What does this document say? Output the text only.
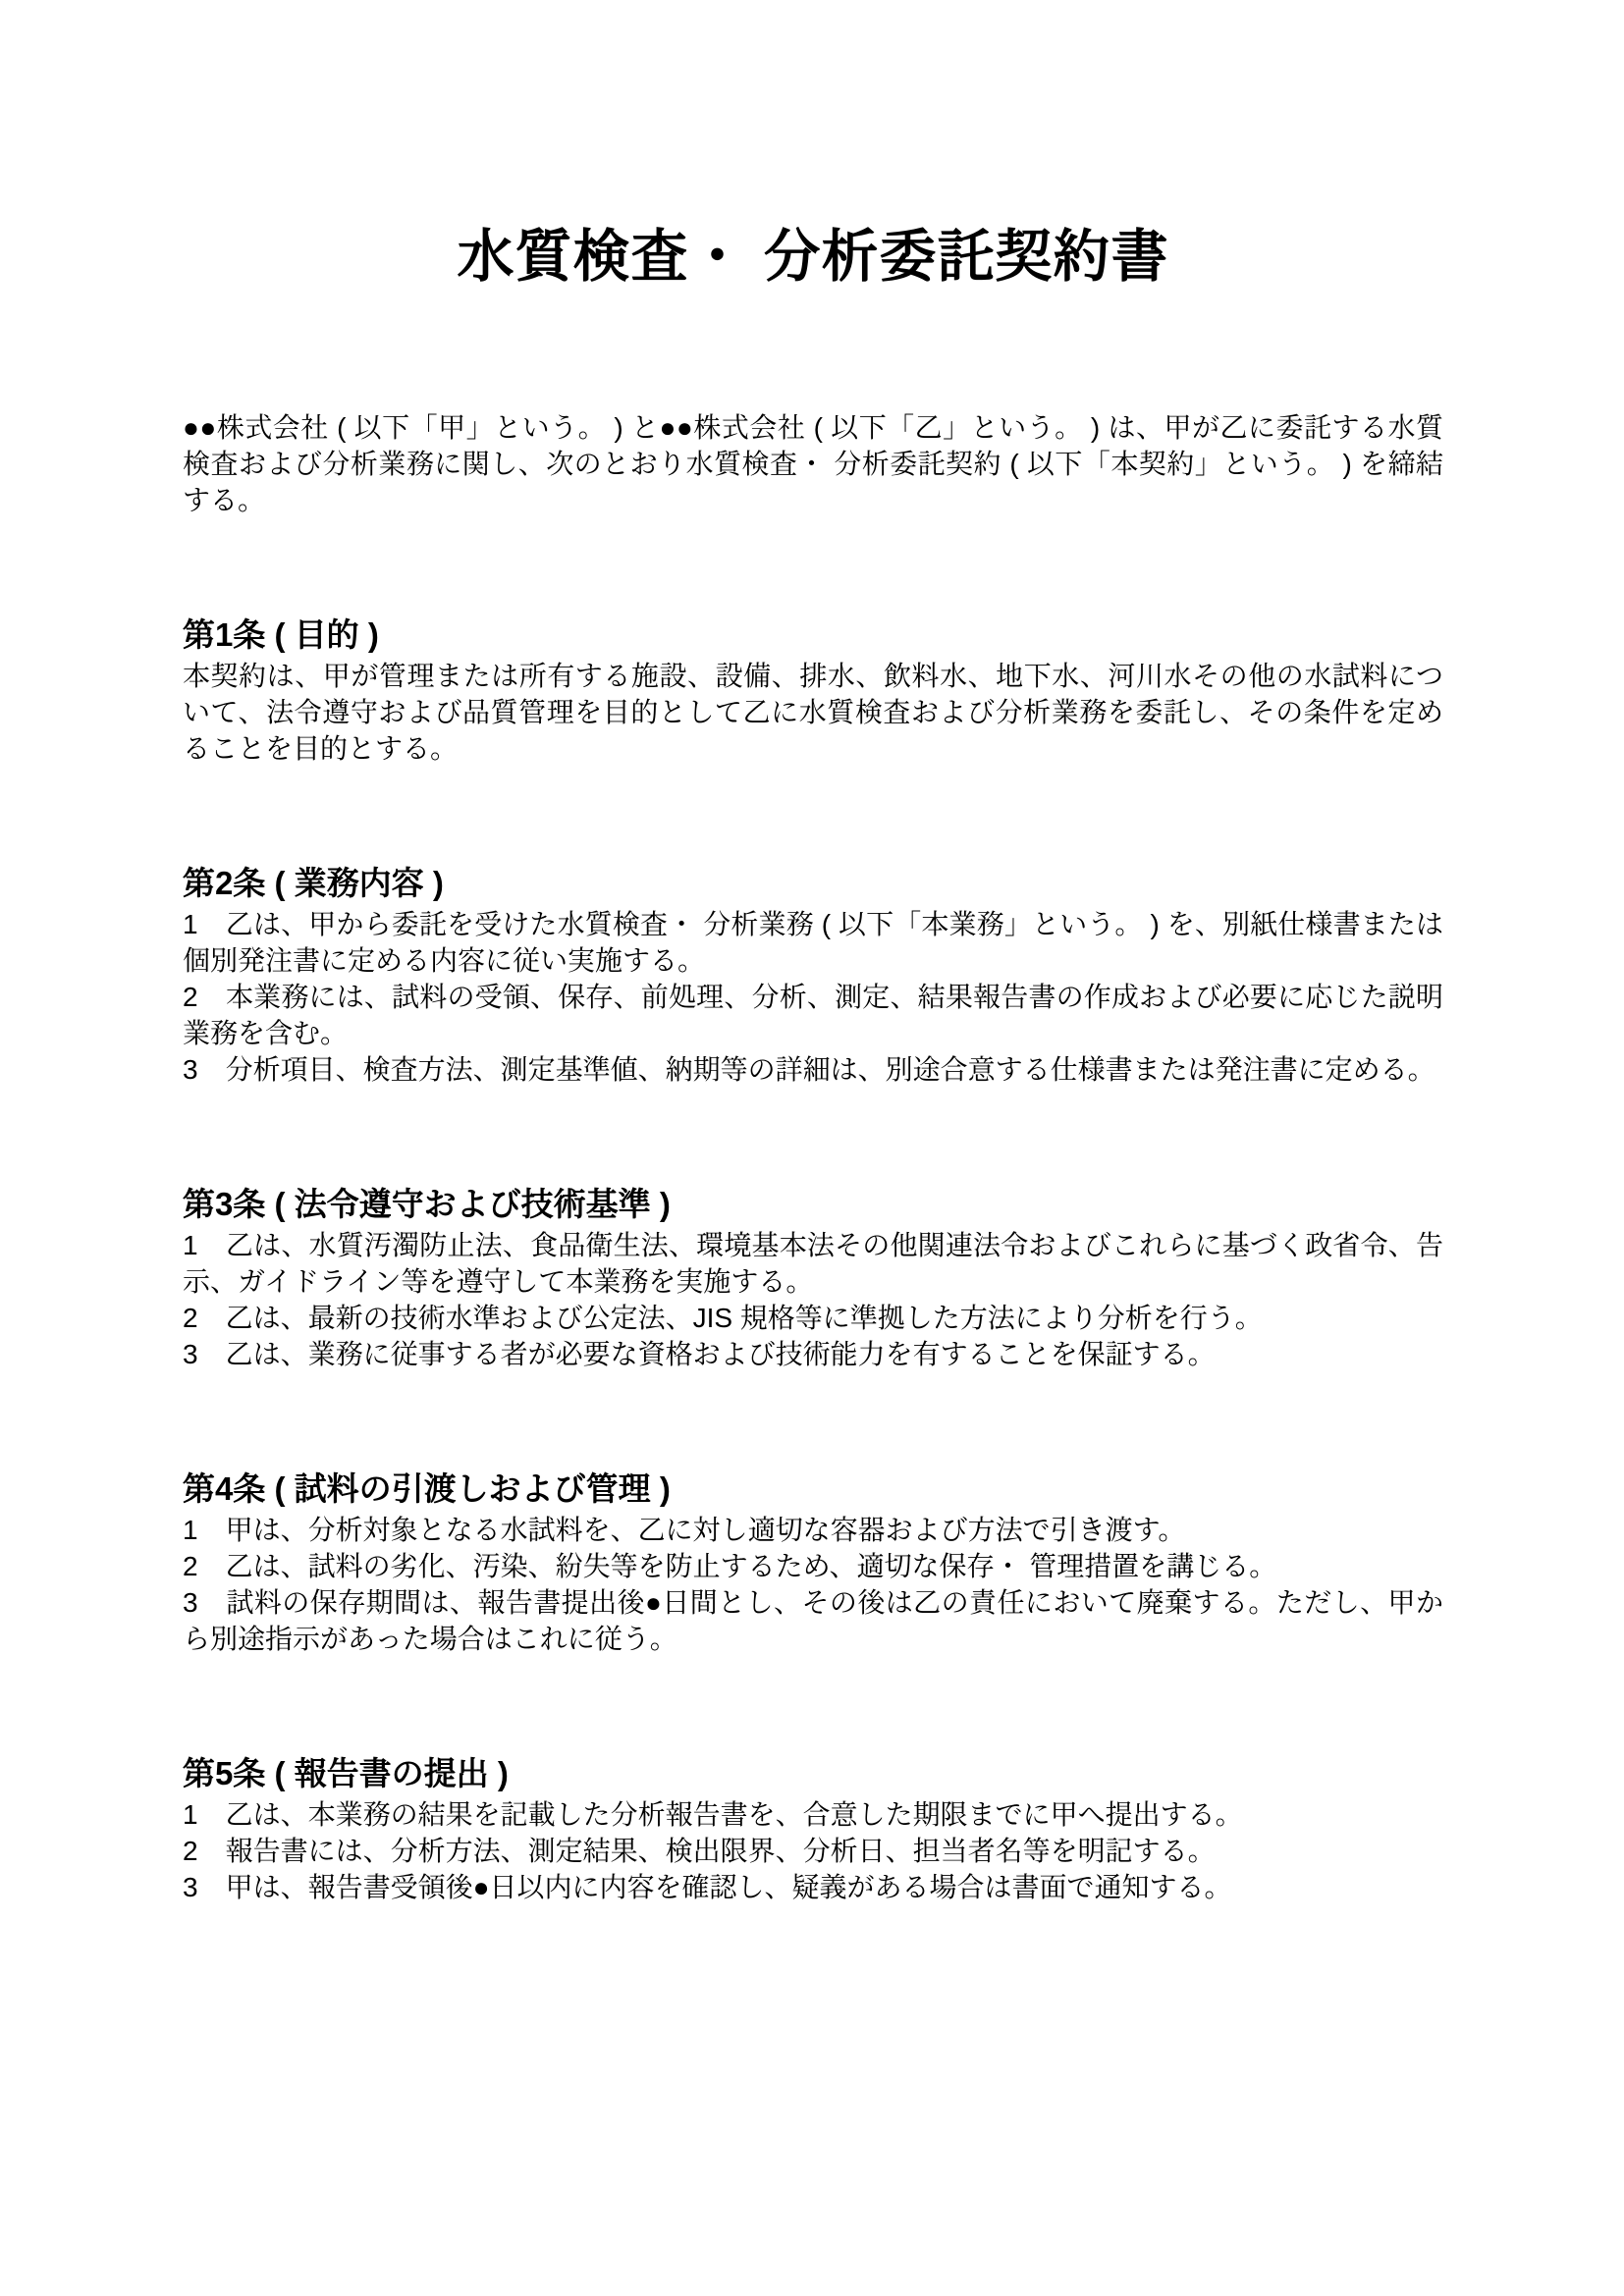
水質検査・ 分析委託契約書

●●株式会社 ( 以下「甲」という。 ) と●●株式会社 ( 以下「乙」という。 ) は、甲が乙に委託する水質検査および分析業務に関し、次のとおり水質検査・ 分析委託契約 ( 以下「本契約」という。 ) を締結する。

第1条 ( 目的 )

本契約は、甲が管理または所有する施設、設備、排水、飲料水、地下水、河川水その他の水試料について、法令遵守および品質管理を目的として乙に水質検査および分析業務を委託し、その条件を定めることを目的とする。

第2条 ( 業務内容 )

1　乙は、甲から委託を受けた水質検査・ 分析業務 ( 以下「本業務」という。 ) を、別紙仕様書または個別発注書に定める内容に従い実施する。

2　本業務には、試料の受領、保存、前処理、分析、測定、結果報告書の作成および必要に応じた説明業務を含む。

3　分析項目、検査方法、測定基準値、納期等の詳細は、別途合意する仕様書または発注書に定める。

第3条 ( 法令遵守および技術基準 )

1　乙は、水質汚濁防止法、食品衛生法、環境基本法その他関連法令およびこれらに基づく政省令、告示、ガイドライン等を遵守して本業務を実施する。

2　乙は、最新の技術水準および公定法、JIS 規格等に準拠した方法により分析を行う。

3　乙は、業務に従事する者が必要な資格および技術能力を有することを保証する。

第4条 ( 試料の引渡しおよび管理 )

1　甲は、分析対象となる水試料を、乙に対し適切な容器および方法で引き渡す。

2　乙は、試料の劣化、汚染、紛失等を防止するため、適切な保存・ 管理措置を講じる。

3　試料の保存期間は、報告書提出後●日間とし、その後は乙の責任において廃棄する。ただし、甲から別途指示があった場合はこれに従う。

第5条 ( 報告書の提出 )

1　乙は、本業務の結果を記載した分析報告書を、合意した期限までに甲へ提出する。

2　報告書には、分析方法、測定結果、検出限界、分析日、担当者名等を明記する。

3　甲は、報告書受領後●日以内に内容を確認し、疑義がある場合は書面で通知する。
